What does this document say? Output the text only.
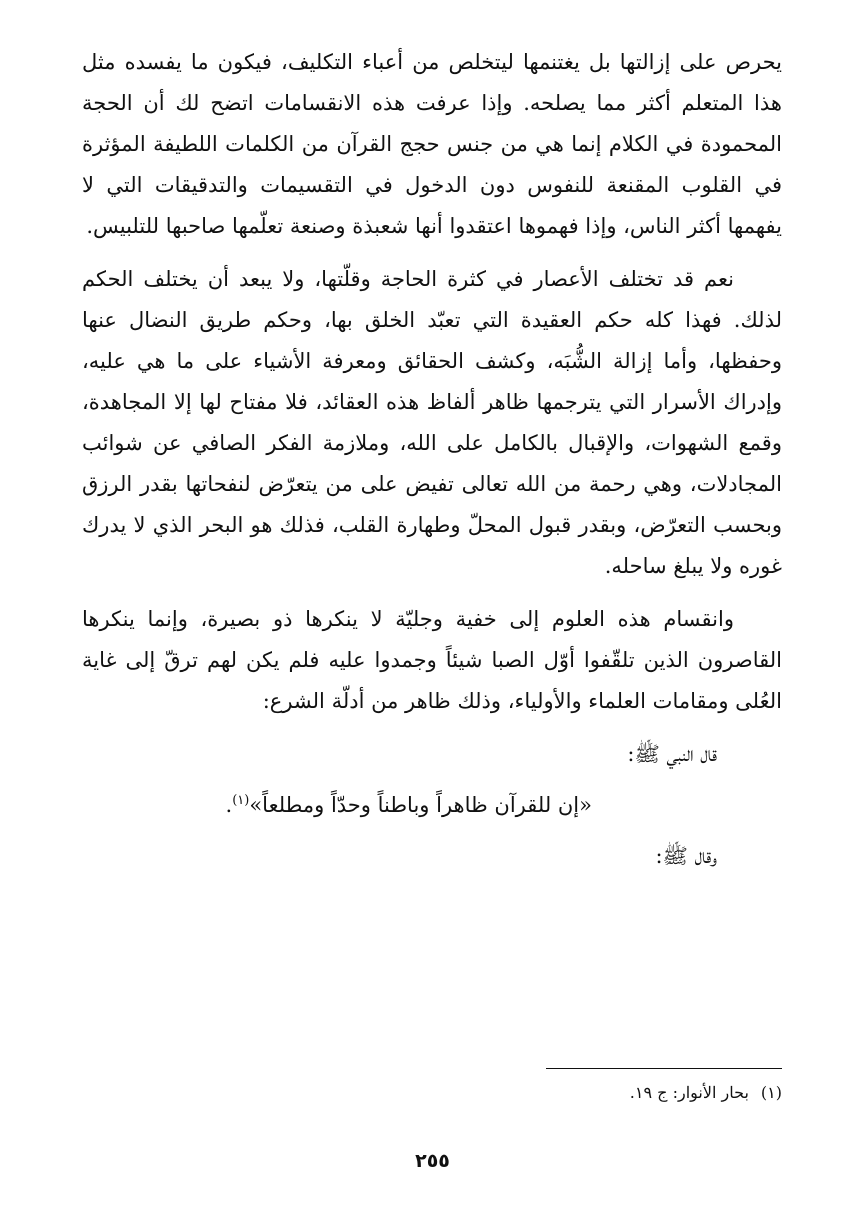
يحرص على إزالتها بل يغتنمها ليتخلص من أعباء التكليف، فيكون ما يفسده مثل هذا المتعلم أكثر مما يصلحه. وإذا عرفت هذه الانقسامات اتضح لك أن الحجة المحمودة في الكلام إنما هي من جنس حجج القرآن من الكلمات اللطيفة المؤثرة في القلوب المقنعة للنفوس دون الدخول في التقسيمات والتدقيقات التي لا يفهمها أكثر الناس، وإذا فهموها اعتقدوا أنها شعبذة وصنعة تعلّمها صاحبها للتلبيس.

نعم قد تختلف الأعصار في كثرة الحاجة وقلّتها، ولا يبعد أن يختلف الحكم لذلك. فهذا كله حكم العقيدة التي تعبّد الخلق بها، وحكم طريق النضال عنها وحفظها، وأما إزالة الشُّبَه، وكشف الحقائق ومعرفة الأشياء على ما هي عليه، وإدراك الأسرار التي يترجمها ظاهر ألفاظ هذه العقائد، فلا مفتاح لها إلا المجاهدة، وقمع الشهوات، والإقبال بالكامل على الله، وملازمة الفكر الصافي عن شوائب المجادلات، وهي رحمة من الله تعالى تفيض على من يتعرّض لنفحاتها بقدر الرزق وبحسب التعرّض، وبقدر قبول المحلّ وطهارة القلب، فذلك هو البحر الذي لا يدرك غوره ولا يبلغ ساحله.

وانقسام هذه العلوم إلى خفية وجليّة لا ينكرها ذو بصيرة، وإنما ينكرها القاصرون الذين تلقّفوا أوّل الصبا شيئاً وجمدوا عليه فلم يكن لهم ترقّ إلى غاية العُلى ومقامات العلماء والأولياء، وذلك ظاهر من أدلّة الشرع:

قال النبي ﷺ:

«إن للقرآن ظاهراً وباطناً وحدّاً ومطلعاً»$^{(١)}$.

وقال ﷺ:

(١)بحار الأنوار: ج ١٩.
٢٥٥
